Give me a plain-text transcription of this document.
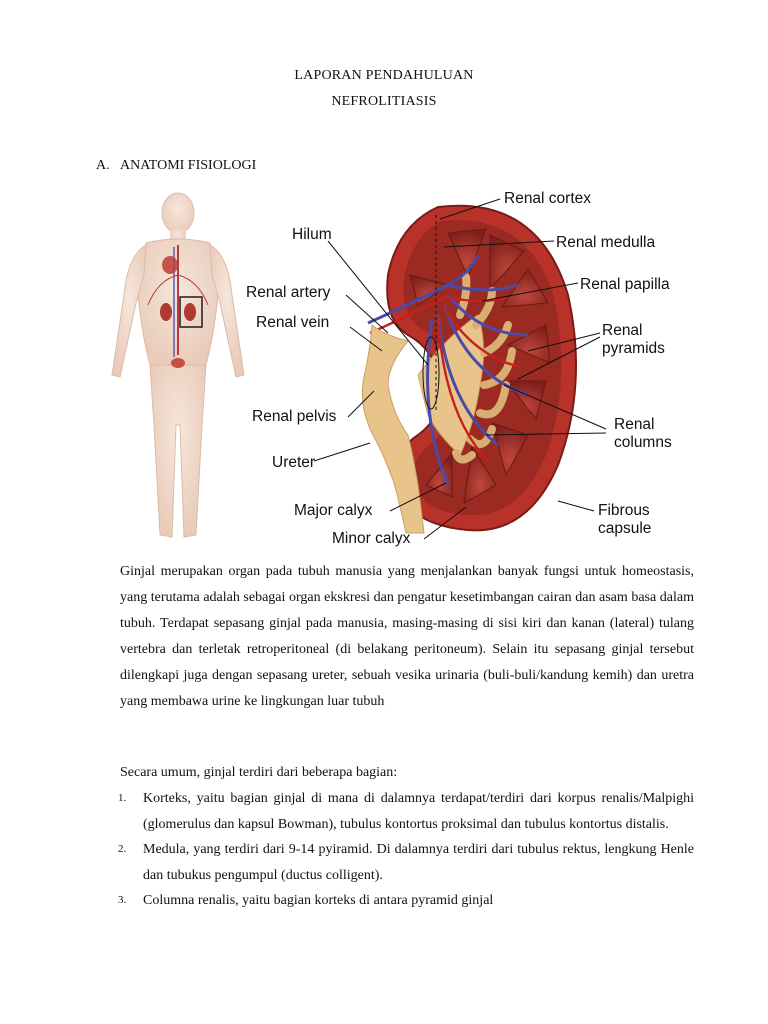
LAPORAN PENDAHULUAN
NEFROLITIASIS
A. ANATOMI FISIOLOGI
Hilum
Renal artery
Renal vein
Renal pelvis
Ureter
Major calyx
Minor calyx
Renal cortex
Renal medulla
Renal papilla
Renal
pyramids
Renal
columns
Fibrous
capsule

Ginjal merupakan organ pada tubuh manusia yang menjalankan banyak fungsi untuk homeostasis, yang terutama adalah sebagai organ ekskresi dan pengatur kesetimbangan cairan dan asam basa dalam tubuh. Terdapat sepasang ginjal pada manusia, masing-masing di sisi kiri dan kanan (lateral) tulang vertebra dan terletak retroperitoneal (di belakang peritoneum). Selain itu sepasang ginjal tersebut dilengkapi juga dengan sepasang ureter, sebuah vesika urinaria (buli-buli/kandung kemih) dan uretra yang membawa urine ke lingkungan luar tubuh

Secara umum, ginjal terdiri dari beberapa bagian:

1. Korteks, yaitu bagian ginjal di mana di dalamnya terdapat/terdiri dari korpus renalis/Malpighi (glomerulus dan kapsul Bowman), tubulus kontortus proksimal dan tubulus kontortus distalis.
2. Medula, yang terdiri dari 9-14 pyiramid. Di dalamnya terdiri dari tubulus rektus, lengkung Henle dan tubukus pengumpul (ductus colligent).
3. Columna renalis, yaitu bagian korteks di antara pyramid ginjal
